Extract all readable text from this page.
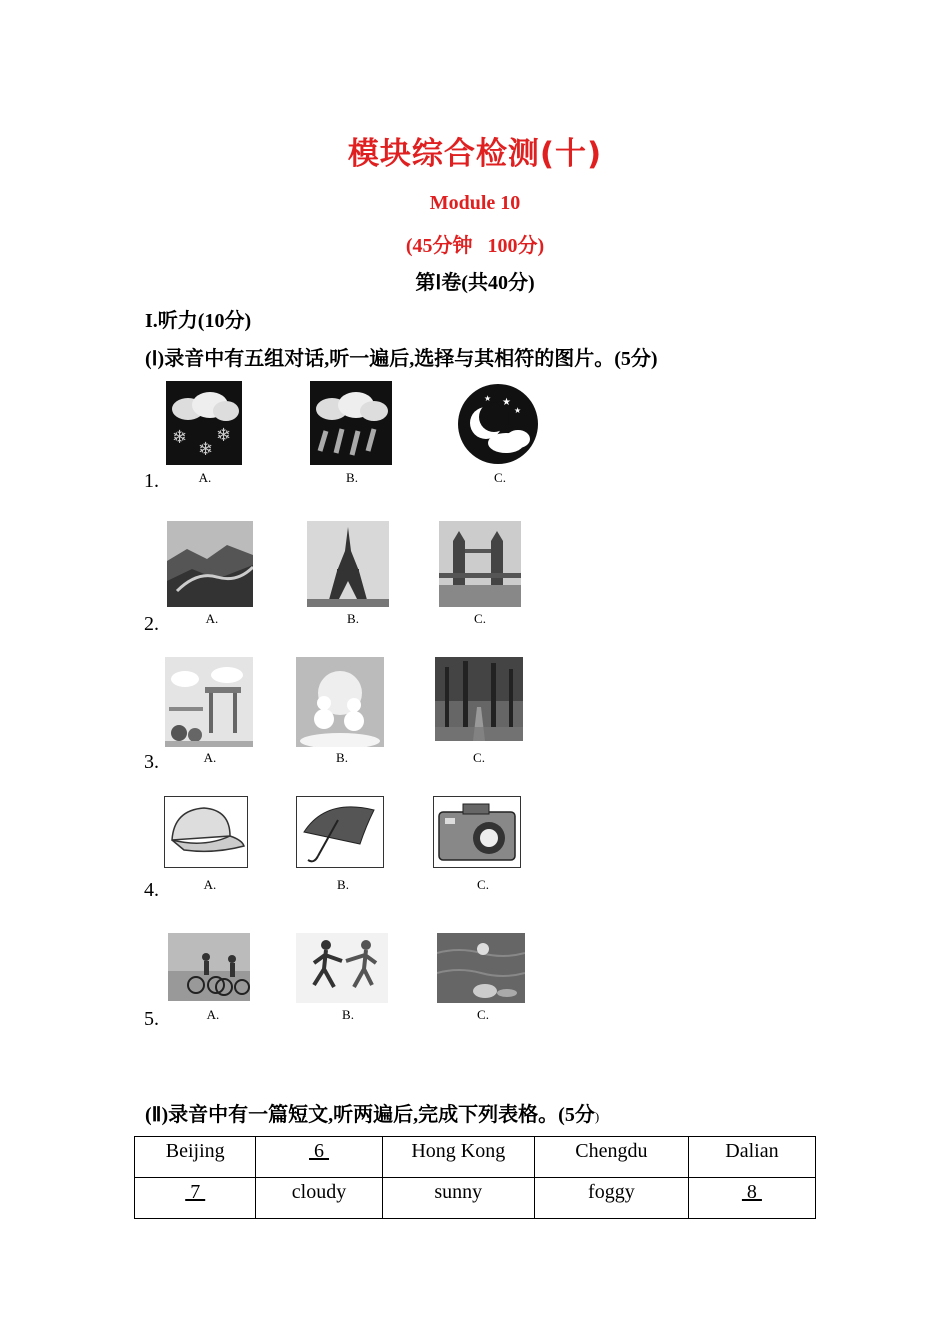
模块综合检测(十)
Module 10
(45分钟   100分)
第Ⅰ卷(共40分)
I.听力(10分)
(Ⅰ)录音中有五组对话,听一遍后,选择与其相符的图片。(5分)
1.
❄
❄
❄
A.	B.
★
★
★
C.
2.	A.	B.	C.
3.	A.	B.	C.
4.	A.	B.	C.
5.	A.	B.	C.
(Ⅱ)录音中有一篇短文,听两遍后,完成下列表格。(5分)
Beijing	6	Hong Kong	Chengdu	Dalian
7	cloudy	sunny	foggy	8
